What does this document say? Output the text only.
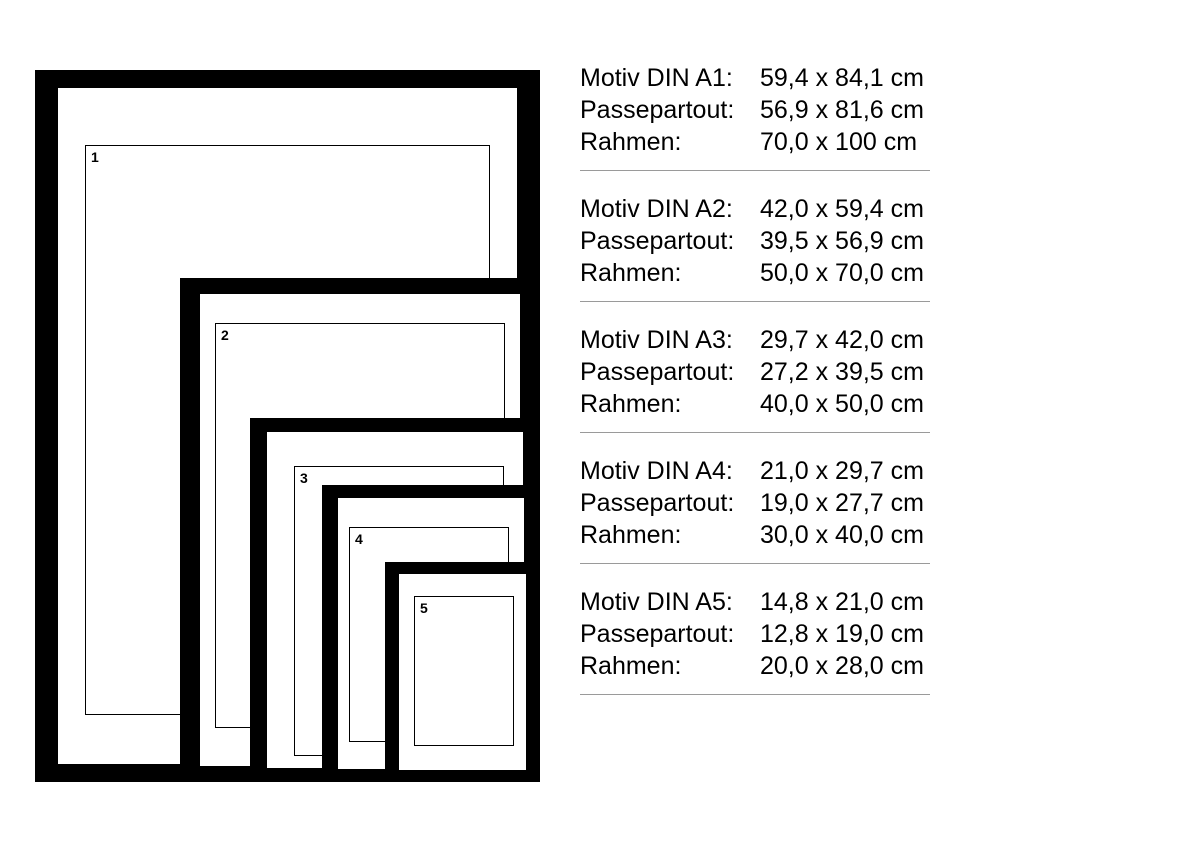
1
2
3
4
5
Motiv DIN A1:	59,4 x 84,1 cm
Passepartout:	56,9 x 81,6 cm
Rahmen:	70,0 x 100 cm
Motiv DIN A2:	42,0 x 59,4 cm
Passepartout:	39,5 x 56,9 cm
Rahmen:	50,0 x 70,0 cm
Motiv DIN A3:	29,7 x 42,0 cm
Passepartout:	27,2 x 39,5 cm
Rahmen:	40,0 x 50,0 cm
Motiv DIN A4:	21,0 x 29,7 cm
Passepartout:	19,0 x 27,7 cm
Rahmen:	30,0 x 40,0 cm
Motiv DIN A5:	14,8 x 21,0 cm
Passepartout:	12,8 x 19,0 cm
Rahmen:	20,0 x 28,0 cm
